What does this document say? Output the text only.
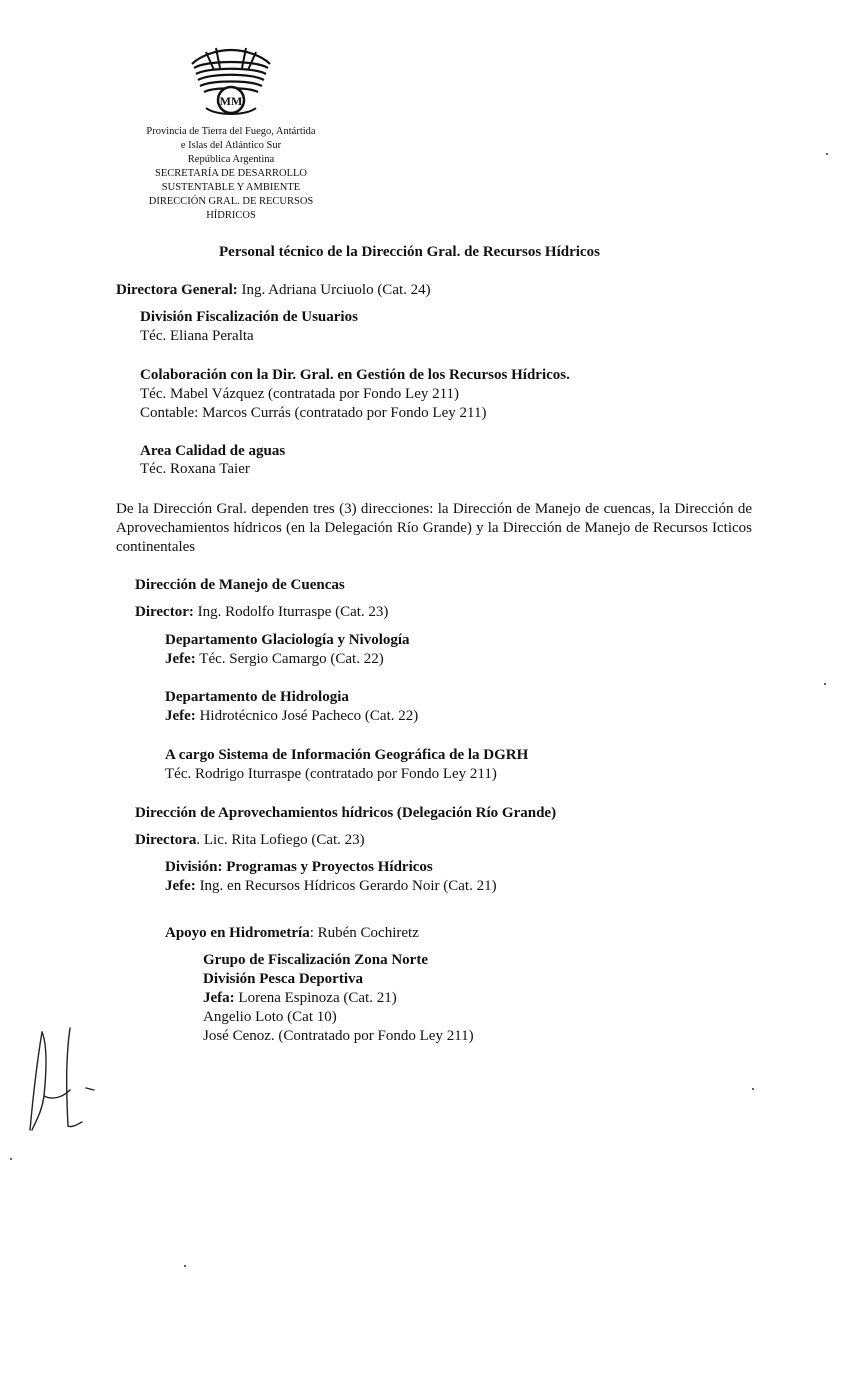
MM
Provincia de Tierra del Fuego, Antártida
e Islas del Atlántico Sur
República Argentina
SECRETARÍA DE DESARROLLO
SUSTENTABLE Y AMBIENTE
DIRECCIÓN GRAL. DE RECURSOS
HÍDRICOS
Personal técnico de la Dirección Gral. de Recursos Hídricos
Directora General: Ing. Adriana Urciuolo (Cat. 24)
División Fiscalización de Usuarios
Téc. Eliana Peralta
Colaboración con la Dir. Gral. en Gestión de los Recursos Hídricos.
Téc. Mabel Vázquez (contratada por Fondo Ley 211)
Contable: Marcos Currás (contratado por Fondo Ley 211)
Area Calidad de aguas
Téc. Roxana Taier
De la Dirección Gral. dependen tres (3) direcciones: la Dirección de Manejo de cuencas, la Dirección de Aprovechamientos hídricos (en la Delegación Río Grande) y la Dirección de Manejo de Recursos Icticos continentales
Dirección de Manejo de Cuencas
Director: Ing. Rodolfo Iturraspe (Cat. 23)
Departamento Glaciología y Nivología
Jefe: Téc. Sergio Camargo (Cat. 22)
Departamento de Hidrologia
Jefe: Hidrotécnico José Pacheco (Cat. 22)
A cargo Sistema de Información Geográfica de la DGRH
Téc. Rodrigo Iturraspe (contratado por Fondo Ley 211)
Dirección de Aprovechamientos hídricos (Delegación Río Grande)
Directora. Lic. Rita Lofiego (Cat. 23)
División: Programas y Proyectos Hídricos
Jefe: Ing. en Recursos Hídricos Gerardo Noir (Cat. 21)
Apoyo en Hidrometría: Rubén Cochiretz
Grupo de Fiscalización Zona Norte
División Pesca Deportiva
Jefa: Lorena Espinoza (Cat. 21)
Angelio Loto (Cat 10)
José Cenoz. (Contratado por Fondo Ley 211)
